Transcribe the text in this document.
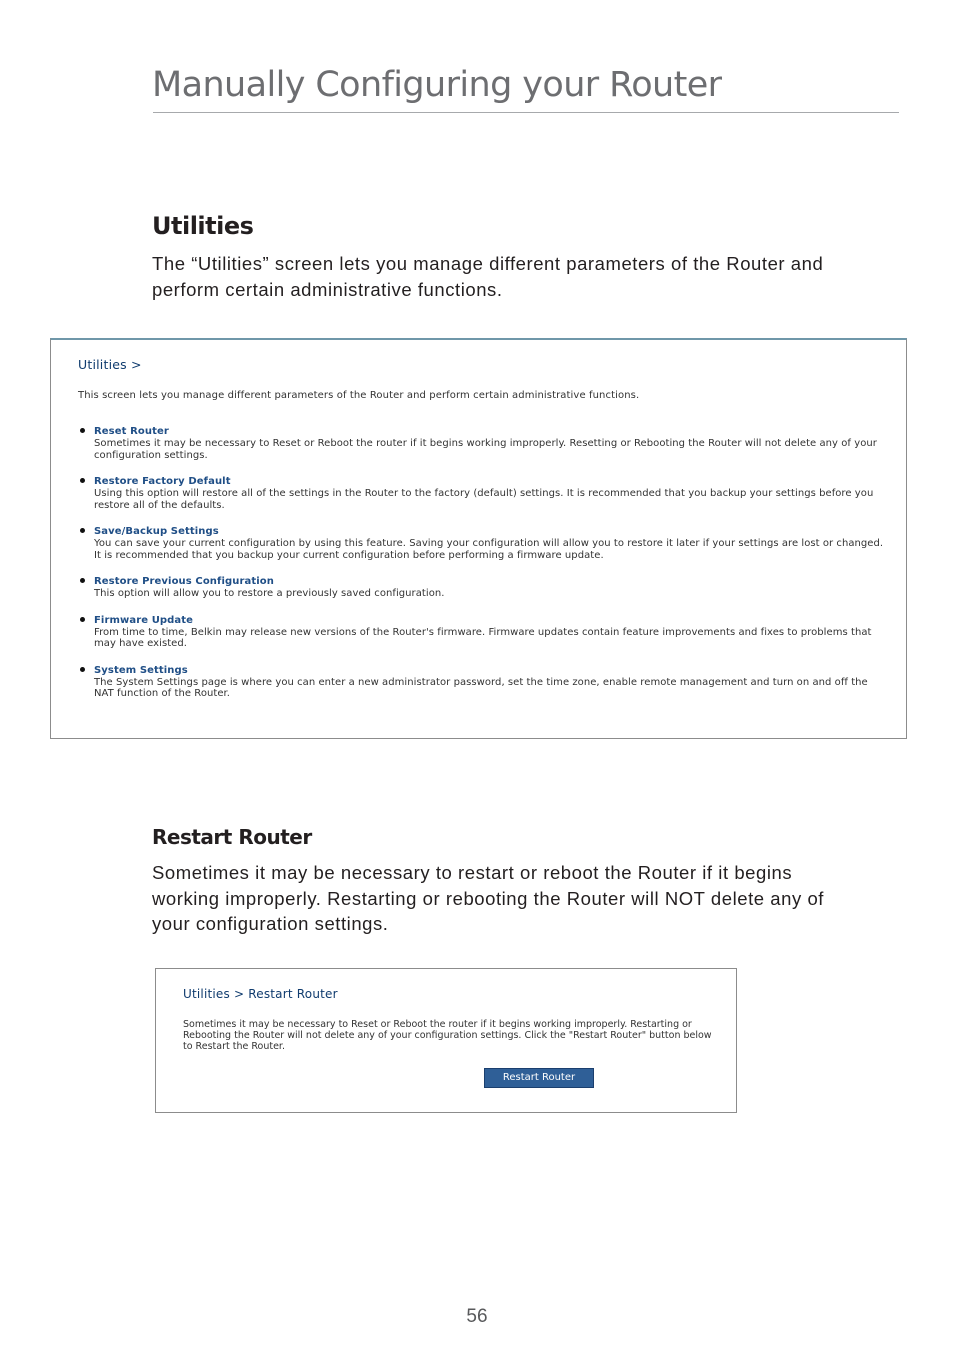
Manually Configuring your Router
Utilities

The “Utilities” screen lets you manage different parameters of the Router and perform certain administrative functions.

Utilities >

This screen lets you manage different parameters of the Router and perform certain administrative functions.

Reset Router
Sometimes it may be necessary to Reset or Reboot the router if it begins working improperly. Resetting or Rebooting the Router will not delete any of your configuration settings.
Restore Factory Default
Using this option will restore all of the settings in the Router to the factory (default) settings. It is recommended that you backup your settings before you restore all of the defaults.
Save/Backup Settings
You can save your current configuration by using this feature. Saving your configuration will allow you to restore it later if your settings are lost or changed. It is recommended that you backup your current configuration before performing a firmware update.
Restore Previous Configuration
This option will allow you to restore a previously saved configuration.
Firmware Update
From time to time, Belkin may release new versions of the Router's firmware. Firmware updates contain feature improvements and fixes to problems that may have existed.
System Settings
The System Settings page is where you can enter a new administrator password, set the time zone, enable remote management and turn on and off the NAT function of the Router.
Restart Router

Sometimes it may be necessary to restart or reboot the Router if it begins working improperly. Restarting or rebooting the Router will NOT delete any of your configuration settings.

Utilities > Restart Router

Sometimes it may be necessary to Reset or Reboot the router if it begins working improperly. Restarting or Rebooting the Router will not delete any of your configuration settings. Click the "Restart Router" button below to Restart the Router.

Restart Router

56
